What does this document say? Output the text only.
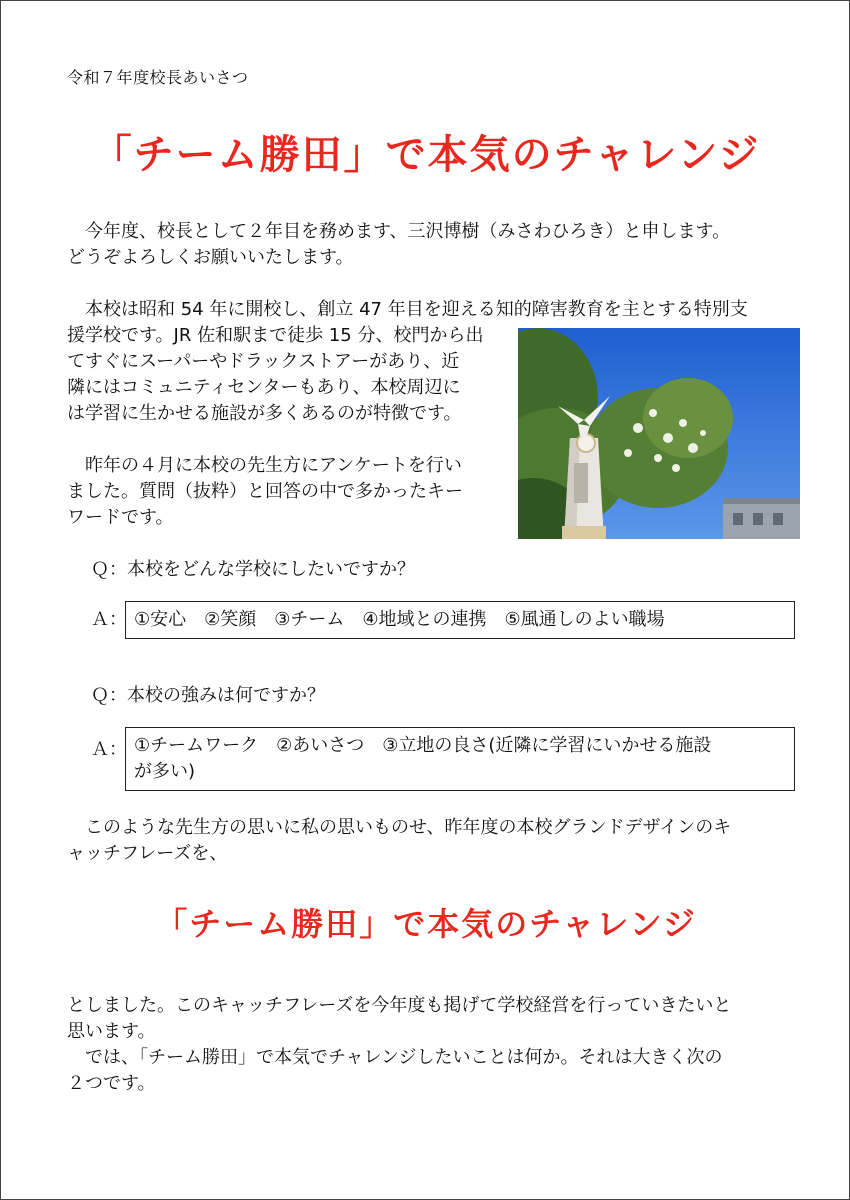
令和７年度校長あいさつ
「チーム勝田」で本気のチャレンジ

　今年度、校長として２年目を務めます、三沢博樹（みさわひろき）と申します。
どうぞよろしくお願いいたします。

　本校は昭和 54 年に開校し、創立 47 年目を迎える知的障害教育を主とする特別支
援学校です。JR 佐和駅まで徒歩 15 分、校門から出
てすぐにスーパーやドラックストアーがあり、近
隣にはコミュニティセンターもあり、本校周辺に
は学習に生かせる施設が多くあるのが特徴です。

　昨年の４月に本校の先生方にアンケートを行い
ました。質問（抜粋）と回答の中で多かったキー
ワードです。

Ｑ：本校をどんな学校にしたいですか？
Ａ： ①安心　②笑顔　③チーム　④地域との連携　⑤風通しのよい職場
Ｑ：本校の強みは何ですか？
Ａ： ①チームワーク　②あいさつ　③立地の良さ(近隣に学習にいかせる施設
が多い)

　このような先生方の思いに私の思いものせ、昨年度の本校グランドデザインのキ
ャッチフレーズを、

「チーム勝田」で本気のチャレンジ

としました。このキャッチフレーズを今年度も掲げて学校経営を行っていきたいと
思います。
　では、「チーム勝田」で本気でチャレンジしたいことは何か。それは大きく次の
２つです。
